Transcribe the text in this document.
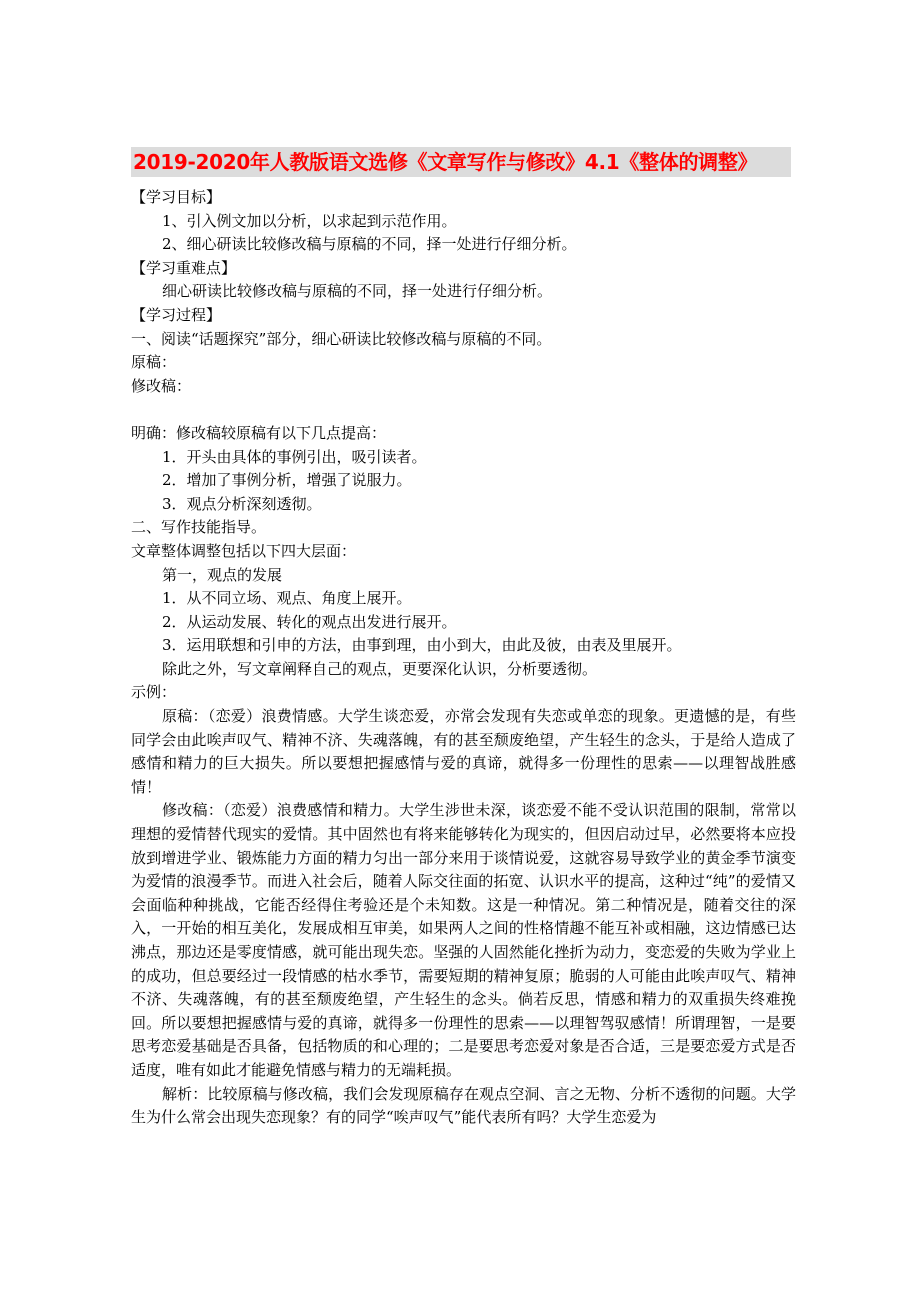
2019-2020年人教版语文选修《文章写作与修改》4.1《整体的调整》
【学习目标】
1、引入例文加以分析，以求起到示范作用。
2、细心研读比较修改稿与原稿的不同，择一处进行仔细分析。
【学习重难点】
细心研读比较修改稿与原稿的不同，择一处进行仔细分析。
【学习过程】
一、阅读“话题探究”部分，细心研读比较修改稿与原稿的不同。
原稿：
修改稿：
明确：修改稿较原稿有以下几点提高：
1．开头由具体的事例引出，吸引读者。
2．增加了事例分析，增强了说服力。
3．观点分析深刻透彻。
二、写作技能指导。
文章整体调整包括以下四大层面：
第一，观点的发展
1．从不同立场、观点、角度上展开。
2．从运动发展、转化的观点出发进行展开。
3．运用联想和引申的方法，由事到理，由小到大，由此及彼，由表及里展开。
除此之外，写文章阐释自己的观点，更要深化认识，分析要透彻。
示例：

原稿：（恋爱）浪费情感。大学生谈恋爱，亦常会发现有失恋或单恋的现象。更遗憾的是，有些同学会由此唉声叹气、精神不济、失魂落魄，有的甚至颓废绝望，产生轻生的念头，于是给人造成了感情和精力的巨大损失。所以要想把握感情与爱的真谛，就得多一份理性的思索——以理智战胜感情！

修改稿：（恋爱）浪费感情和精力。大学生涉世未深，谈恋爱不能不受认识范围的限制，常常以理想的爱情替代现实的爱情。其中固然也有将来能够转化为现实的，但因启动过早，必然要将本应投放到增进学业、锻炼能力方面的精力匀出一部分来用于谈情说爱，这就容易导致学业的黄金季节演变为爱情的浪漫季节。而进入社会后，随着人际交往面的拓宽、认识水平的提高，这种过“纯”的爱情又会面临种种挑战，它能否经得住考验还是个未知数。这是一种情况。第二种情况是，随着交往的深入，一开始的相互美化，发展成相互审美，如果两人之间的性格情趣不能互补或相融，这边情感已达沸点，那边还是零度情感，就可能出现失恋。坚强的人固然能化挫折为动力，变恋爱的失败为学业上的成功，但总要经过一段情感的枯水季节，需要短期的精神复原；脆弱的人可能由此唉声叹气、精神不济、失魂落魄，有的甚至颓废绝望，产生轻生的念头。倘若反思，情感和精力的双重损失终难挽回。所以要想把握感情与爱的真谛，就得多一份理性的思索——以理智驾驭感情！所谓理智，一是要思考恋爱基础是否具备，包括物质的和心理的；二是要思考恋爱对象是否合适，三是要恋爱方式是否适度，唯有如此才能避免情感与精力的无端耗损。

解析：比较原稿与修改稿，我们会发现原稿存在观点空洞、言之无物、分析不透彻的问题。大学生为什么常会出现失恋现象？有的同学“唉声叹气”能代表所有吗？大学生恋爱为
